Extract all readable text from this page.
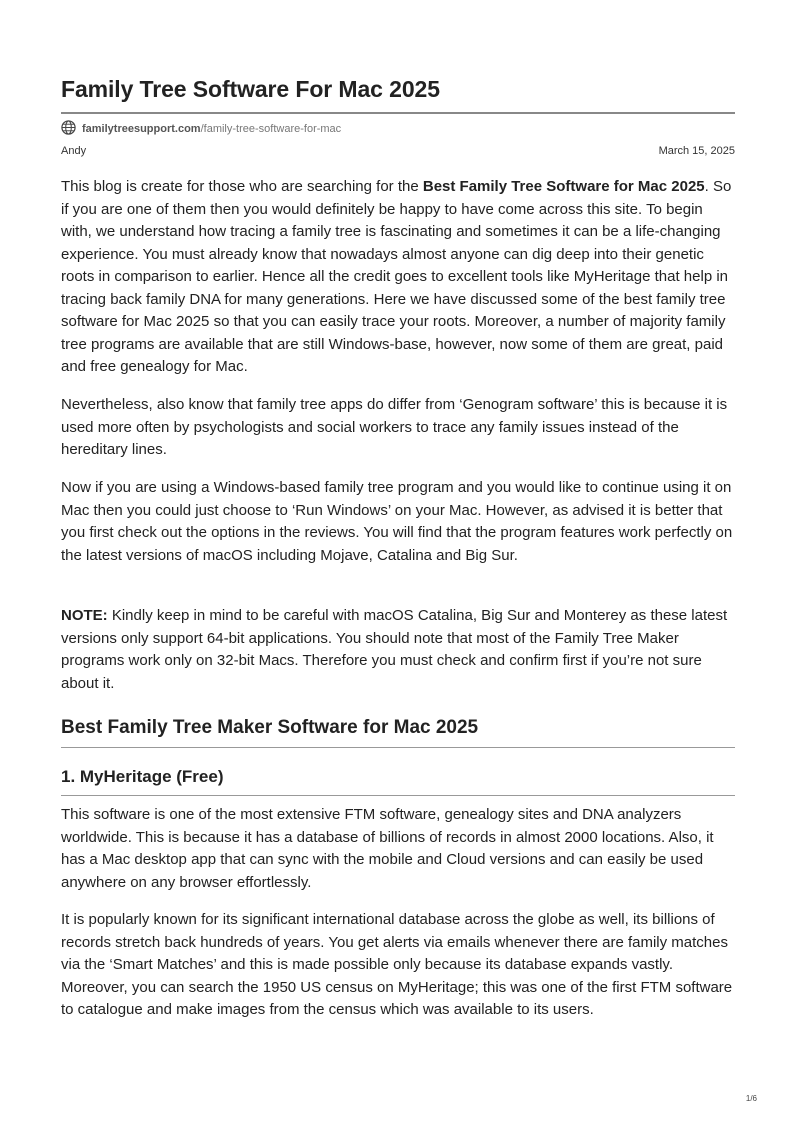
Family Tree Software For Mac 2025
familytreesupport.com /family-tree-software-for-mac
Andy	March 15, 2025

This blog is create for those who are searching for the Best Family Tree Software for Mac 2025. So if you are one of them then you would definitely be happy to have come across this site. To begin with, we understand how tracing a family tree is fascinating and sometimes it can be a life-changing experience. You must already know that nowadays almost anyone can dig deep into their genetic roots in comparison to earlier. Hence all the credit goes to excellent tools like MyHeritage that help in tracing back family DNA for many generations. Here we have discussed some of the best family tree software for Mac 2025 so that you can easily trace your roots. Moreover, a number of majority family tree programs are available that are still Windows-base, however, now some of them are great, paid and free genealogy for Mac.

Nevertheless, also know that family tree apps do differ from ‘Genogram software’ this is because it is used more often by psychologists and social workers to trace any family issues instead of the hereditary lines.

Now if you are using a Windows-based family tree program and you would like to continue using it on Mac then you could just choose to ‘Run Windows’ on your Mac. However, as advised it is better that you first check out the options in the reviews. You will find that the program features work perfectly on the latest versions of macOS including Mojave, Catalina and Big Sur.

NOTE: Kindly keep in mind to be careful with macOS Catalina, Big Sur and Monterey as these latest versions only support 64-bit applications. You should note that most of the Family Tree Maker programs work only on 32-bit Macs. Therefore you must check and confirm first if you’re not sure about it.

Best Family Tree Maker Software for Mac 2025
1. MyHeritage (Free)

This software is one of the most extensive FTM software, genealogy sites and DNA analyzers worldwide. This is because it has a database of billions of records in almost 2000 locations. Also, it has a Mac desktop app that can sync with the mobile and Cloud versions and can easily be used anywhere on any browser effortlessly.

It is popularly known for its significant international database across the globe as well, its billions of records stretch back hundreds of years. You get alerts via emails whenever there are family matches via the ‘Smart Matches’ and this is made possible only because its database expands vastly. Moreover, you can search the 1950 US census on MyHeritage; this was one of the first FTM software to catalogue and make images from the census which was available to its users.

1/6
